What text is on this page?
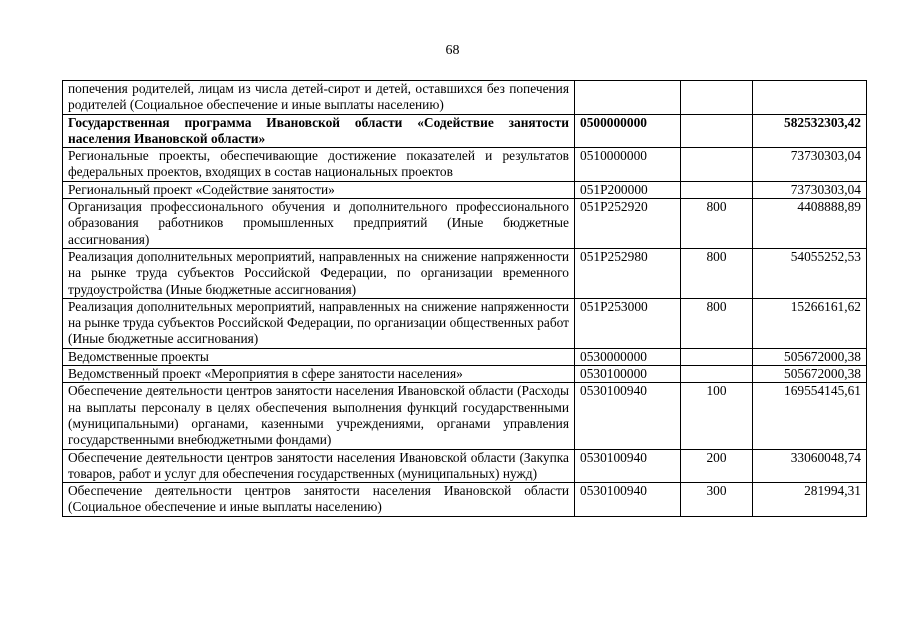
68
попечения родителей, лицам из числа детей-сирот и детей, оставшихся без попечения родителей (Социальное обеспечение и иные выплаты населению)			
Государственная программа Ивановской области «Содействие занятости населения Ивановской области»	0500000000		582532303,42
Региональные проекты, обеспечивающие достижение показателей и результатов федеральных проектов, входящих в состав национальных проектов	0510000000		73730303,04
Региональный проект «Содействие занятости»	051P200000		73730303,04
Организация профессионального обучения и дополнительного профессионального образования работников промышленных предприятий (Иные бюджетные ассигнования)	051P252920	800	4408888,89
Реализация дополнительных мероприятий, направленных на снижение напряженности на рынке труда субъектов Российской Федерации, по организации временного трудоустройства (Иные бюджетные ассигнования)	051P252980	800	54055252,53
Реализация дополнительных мероприятий, направленных на снижение напряженности на рынке труда субъектов Российской Федерации, по организации общественных работ (Иные бюджетные ассигнования)	051P253000	800	15266161,62
Ведомственные проекты	0530000000		505672000,38
Ведомственный проект «Мероприятия в сфере занятости населения»	0530100000		505672000,38
Обеспечение деятельности центров занятости населения Ивановской области (Расходы на выплаты персоналу в целях обеспечения выполнения функций государственными (муниципальными) органами, казенными учреждениями, органами управления государственными внебюджетными фондами)	0530100940	100	169554145,61
Обеспечение деятельности центров занятости населения Ивановской области (Закупка товаров, работ и услуг для обеспечения государственных (муниципальных) нужд)	0530100940	200	33060048,74
Обеспечение деятельности центров занятости населения Ивановской области (Социальное обеспечение и иные выплаты населению)	0530100940	300	281994,31
